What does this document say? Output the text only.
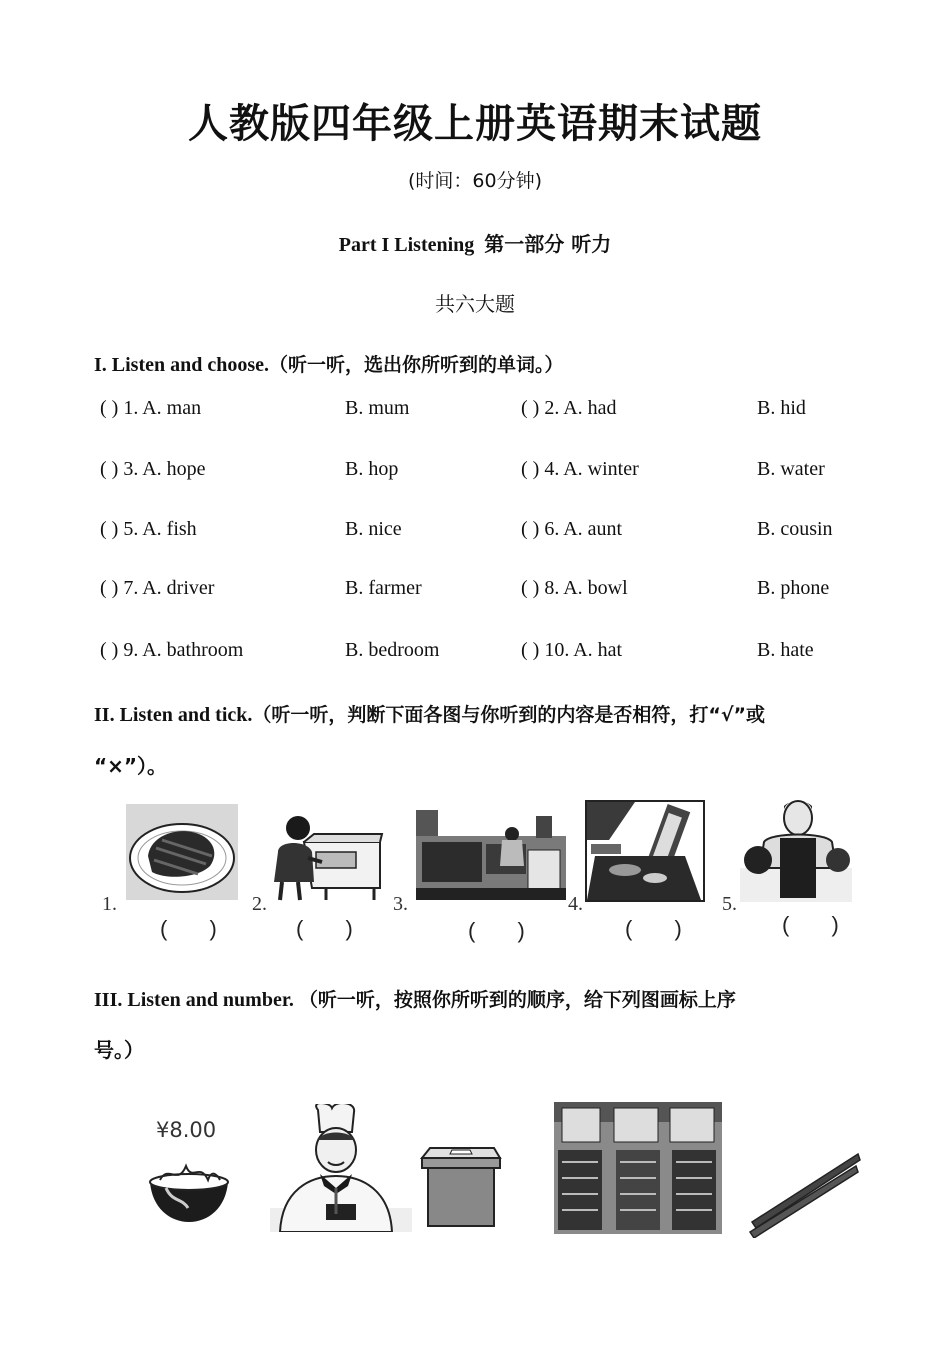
人教版四年级上册英语期末试题
(时间：60分钟)
Part I Listening 第一部分 听力
共六大题
I. Listen and choose.（听一听，选出你所听到的单词。）
( ) 1. A. man	B. mum	( ) 2. A. had	B. hid
( ) 3. A. hope	B. hop	( ) 4. A. winter	B. water
( ) 5. A. fish	B. nice	( ) 6. A. aunt	B. cousin
( ) 7. A. driver	B. farmer	( ) 8. A. bowl	B. phone
( ) 9. A. bathroom	B. bedroom	( ) 10. A. hat	B. hate
II. Listen and tick.（听一听，判断下面各图与你听到的内容是否相符，打“√”或
“×”）。
1.
( )
2.
( )
3.
( )
4.
( )
5.
( )
III. Listen and number. （听一听，按照你所听到的顺序，给下列图画标上序
号。）
¥8.00
